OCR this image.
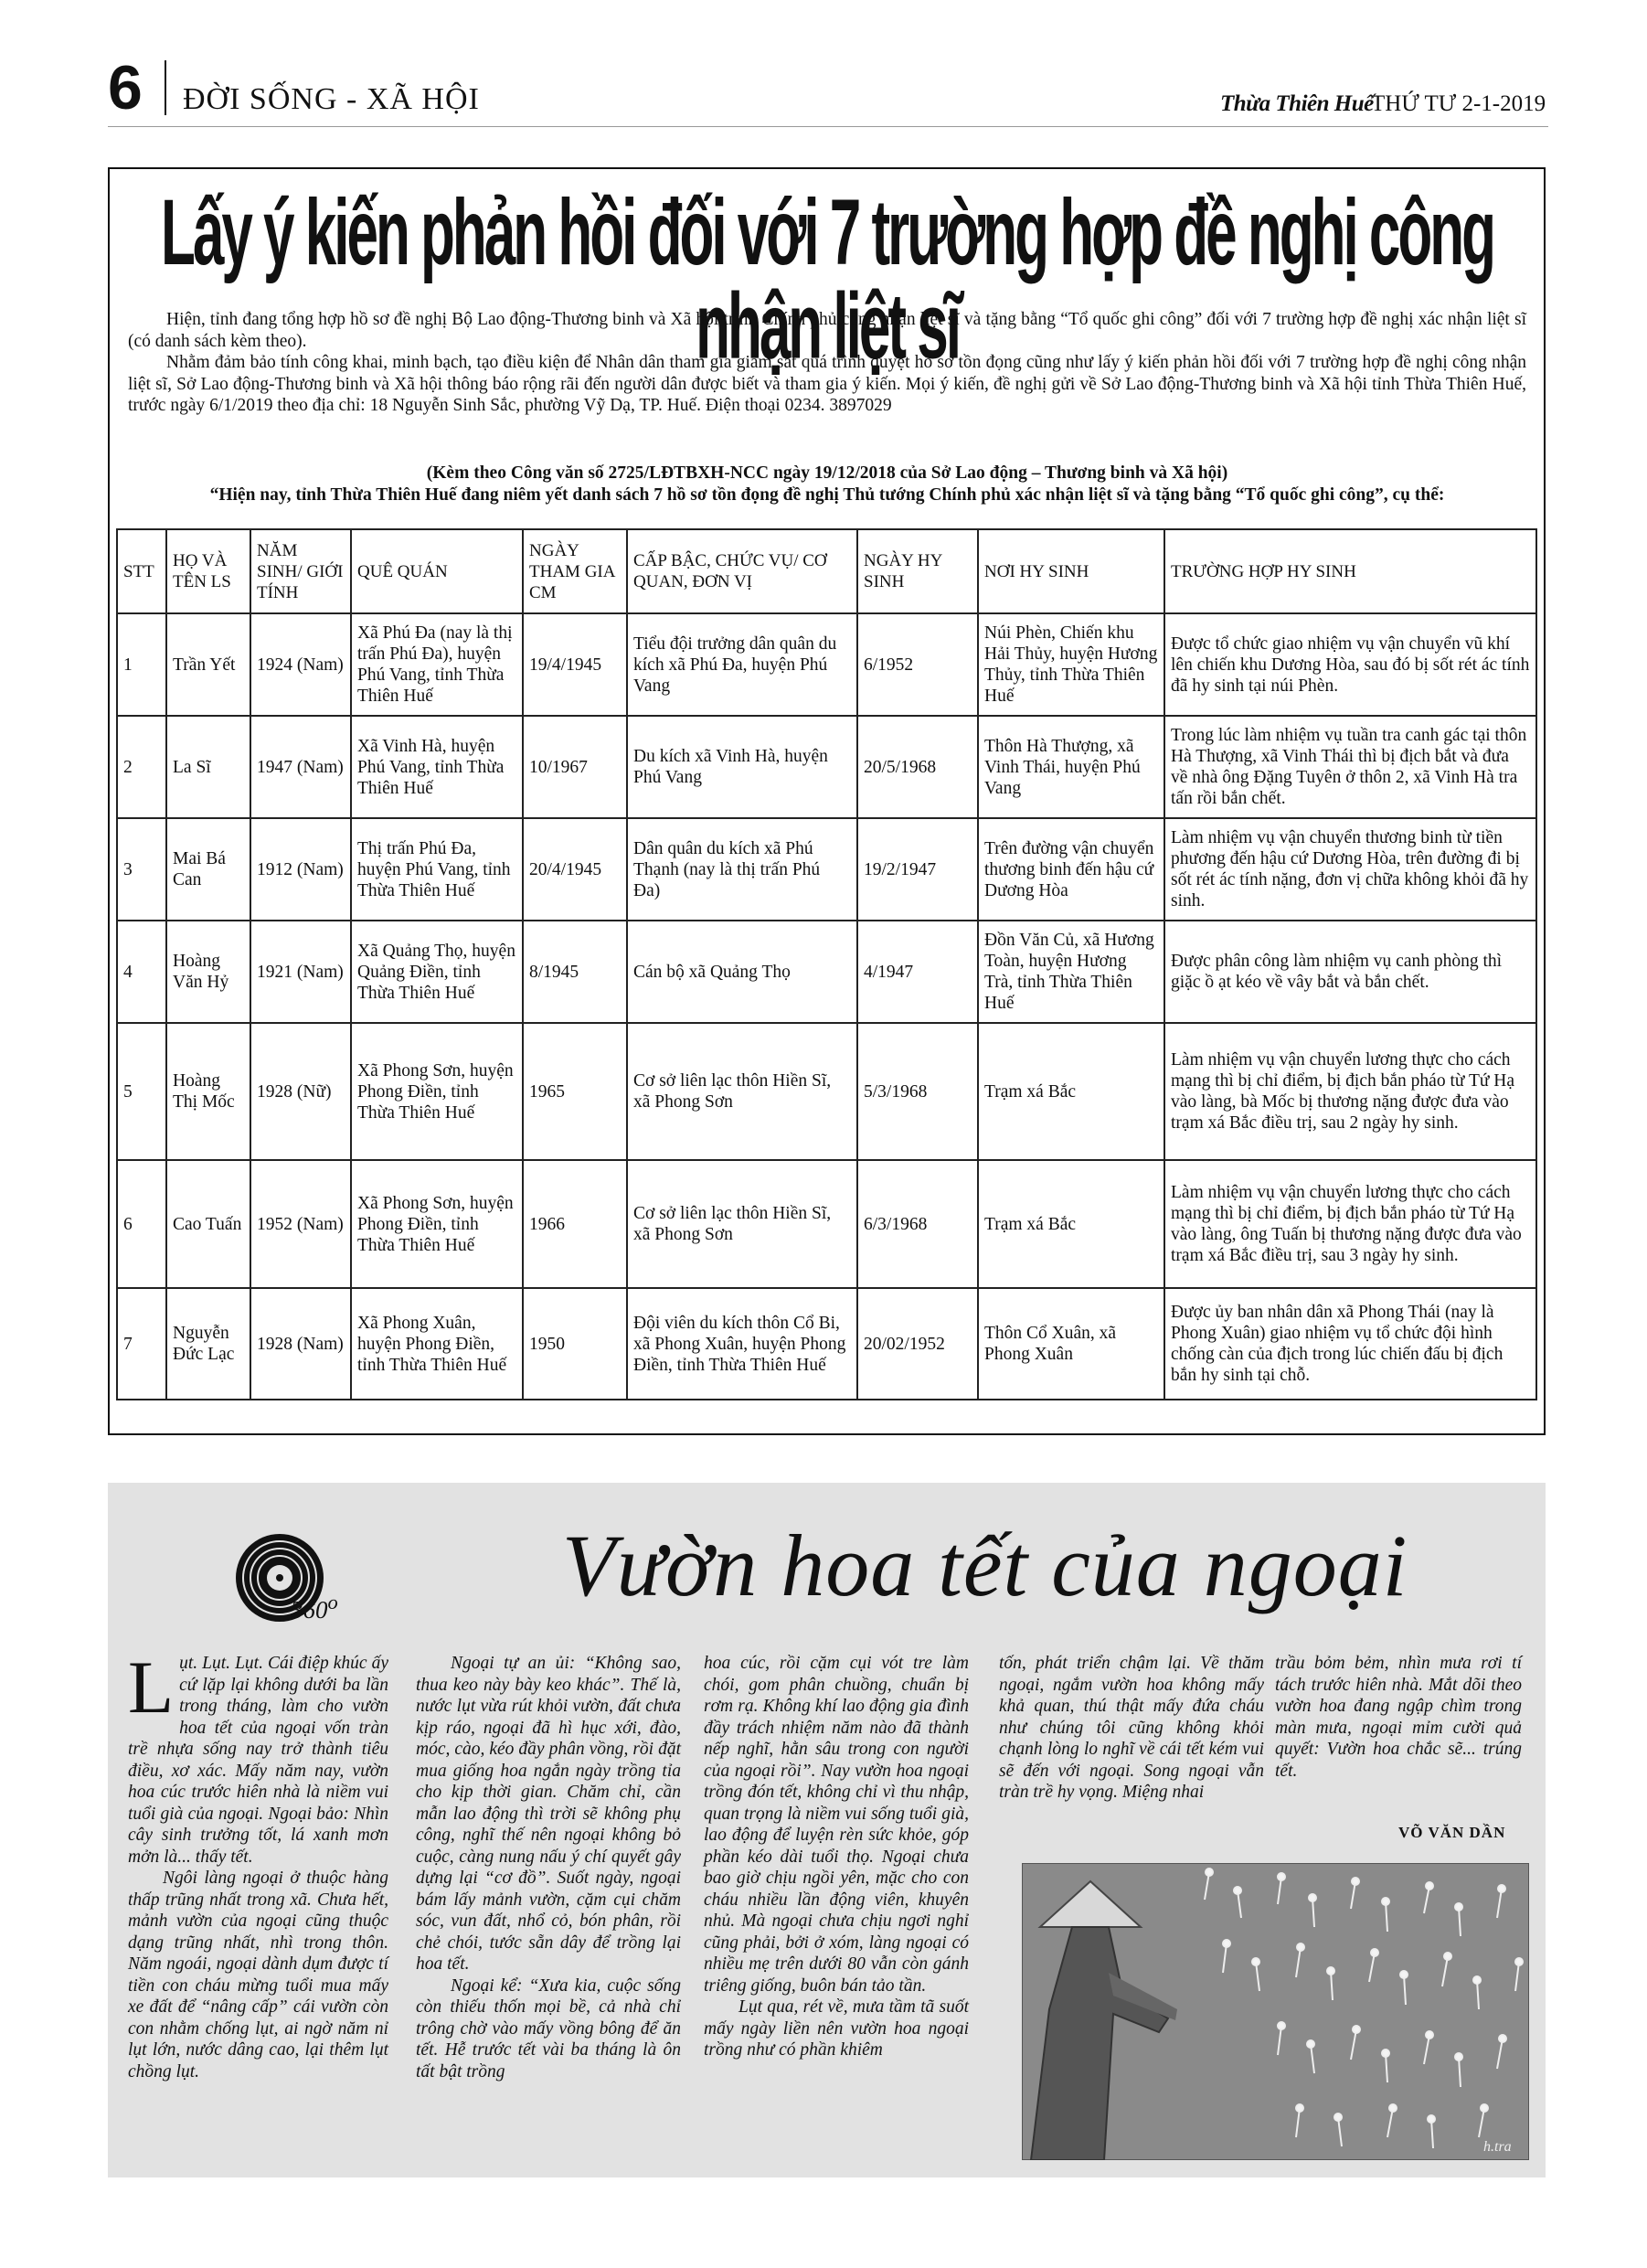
6 ĐỜI SỐNG - XÃ HỘI	Thừa Thiên Huế
THỨ TƯ 2-1-2019
Lấy ý kiến phản hồi đối với 7 trường hợp đề nghị công nhận liệt sĩ

Hiện, tỉnh đang tổng hợp hồ sơ đề nghị Bộ Lao động-Thương binh và Xã hội trình Chính phủ công nhận liệt sĩ và tặng bằng “Tổ quốc ghi công” đối với 7 trường hợp đề nghị xác nhận liệt sĩ (có danh sách kèm theo).

Nhằm đảm bảo tính công khai, minh bạch, tạo điều kiện để Nhân dân tham gia giám sát quá trình duyệt hồ sơ tồn đọng cũng như lấy ý kiến phản hồi đối với 7 trường hợp đề nghị công nhận liệt sĩ, Sở Lao động-Thương binh và Xã hội thông báo rộng rãi đến người dân được biết và tham gia ý kiến. Mọi ý kiến, đề nghị gửi về Sở Lao động-Thương binh và Xã hội tỉnh Thừa Thiên Huế, trước ngày 6/1/2019 theo địa chỉ: 18 Nguyễn Sinh Sắc, phường Vỹ Dạ, TP. Huế. Điện thoại 0234. 3897029

(Kèm theo Công văn số 2725/LĐTBXH-NCC ngày 19/12/2018 của Sở Lao động – Thương binh và Xã hội)
“Hiện nay, tỉnh Thừa Thiên Huế đang niêm yết danh sách 7 hồ sơ tồn đọng đề nghị Thủ tướng Chính phủ xác nhận liệt sĩ và tặng bằng “Tổ quốc ghi công”, cụ thể:
STT	HỌ VÀ TÊN LS	NĂM SINH/ GIỚI TÍNH	QUÊ QUÁN	NGÀY THAM GIA CM	CẤP BẬC, CHỨC VỤ/ CƠ QUAN, ĐƠN VỊ	NGÀY HY SINH	NƠI HY SINH	TRƯỜNG HỢP HY SINH
1	Trần Yết	1924 (Nam)	Xã Phú Đa (nay là thị trấn Phú Đa), huyện Phú Vang, tỉnh Thừa Thiên Huế	19/4/1945	Tiểu đội trưởng dân quân du kích xã Phú Đa, huyện Phú Vang	6/1952	Núi Phèn, Chiến khu Hải Thủy, huyện Hương Thủy, tỉnh Thừa Thiên Huế	Được tổ chức giao nhiệm vụ vận chuyển vũ khí lên chiến khu Dương Hòa, sau đó bị sốt rét ác tính đã hy sinh tại núi Phèn.
2	La Sĩ	1947 (Nam)	Xã Vinh Hà, huyện Phú Vang, tỉnh Thừa Thiên Huế	10/1967	Du kích xã Vinh Hà, huyện Phú Vang	20/5/1968	Thôn Hà Thượng, xã Vinh Thái, huyện Phú Vang	Trong lúc làm nhiệm vụ tuần tra canh gác tại thôn Hà Thượng, xã Vinh Thái thì bị địch bắt và đưa về nhà ông Đặng Tuyên ở thôn 2, xã Vinh Hà tra tấn rồi bắn chết.
3	Mai Bá Can	1912 (Nam)	Thị trấn Phú Đa, huyện Phú Vang, tỉnh Thừa Thiên Huế	20/4/1945	Dân quân du kích xã Phú Thạnh (nay là thị trấn Phú Đa)	19/2/1947	Trên đường vận chuyển thương binh đến hậu cứ Dương Hòa	Làm nhiệm vụ vận chuyển thương binh từ tiền phương đến hậu cứ Dương Hòa, trên đường đi bị sốt rét ác tính nặng, đơn vị chữa không khỏi đã hy sinh.
4	Hoàng Văn Hỷ	1921 (Nam)	Xã Quảng Thọ, huyện Quảng Điền, tỉnh Thừa Thiên Huế	8/1945	Cán bộ xã Quảng Thọ	4/1947	Đồn Văn Củ, xã Hương Toàn, huyện Hương Trà, tỉnh Thừa Thiên Huế	Được phân công làm nhiệm vụ canh phòng thì giặc ồ ạt kéo về vây bắt và bắn chết.
5	Hoàng Thị Mốc	1928 (Nữ)	Xã Phong Sơn, huyện Phong Điền, tỉnh Thừa Thiên Huế	1965	Cơ sở liên lạc thôn Hiền Sĩ, xã Phong Sơn	5/3/1968	Trạm xá Bắc	Làm nhiệm vụ vận chuyển lương thực cho cách mạng thì bị chỉ điểm, bị địch bắn pháo từ Tứ Hạ vào làng, bà Mốc bị thương nặng được đưa vào trạm xá Bắc điều trị, sau 2 ngày hy sinh.
6	Cao Tuấn	1952 (Nam)	Xã Phong Sơn, huyện Phong Điền, tỉnh Thừa Thiên Huế	1966	Cơ sở liên lạc thôn Hiền Sĩ, xã Phong Sơn	6/3/1968	Trạm xá Bắc	Làm nhiệm vụ vận chuyển lương thực cho cách mạng thì bị chỉ điểm, bị địch bắn pháo từ Tứ Hạ vào làng, ông Tuấn bị thương nặng được đưa vào trạm xá Bắc điều trị, sau 3 ngày hy sinh.
7	Nguyễn Đức Lạc	1928 (Nam)	Xã Phong Xuân, huyện Phong Điền, tỉnh Thừa Thiên Huế	1950	Đội viên du kích thôn Cổ Bi, xã Phong Xuân, huyện Phong Điền, tỉnh Thừa Thiên Huế	20/02/1952	Thôn Cổ Xuân, xã Phong Xuân	Được ủy ban nhân dân xã Phong Thái (nay là Phong Xuân) giao nhiệm vụ tổ chức đội hình chống càn của địch trong lúc chiến đấu bị địch bắn hy sinh tại chỗ.
360$^o$	Vườn hoa tết của ngoại

Lụt. Lụt. Lụt. Cái điệp khúc ấy cứ lặp lại không dưới ba lần trong tháng, làm cho vườn hoa tết của ngoại vốn tràn trề nhựa sống nay trở thành tiêu điều, xơ xác. Mấy năm nay, vườn hoa cúc trước hiên nhà là niềm vui tuổi già của ngoại. Ngoại bảo: Nhìn cây sinh trưởng tốt, lá xanh mơn mởn là... thấy tết.

Ngôi làng ngoại ở thuộc hàng thấp trũng nhất trong xã. Chưa hết, mảnh vườn của ngoại cũng thuộc dạng trũng nhất, nhì trong thôn. Năm ngoái, ngoại dành dụm được tí tiền con cháu mừng tuổi mua mấy xe đất để “nâng cấp” cái vườn còn con nhằm chống lụt, ai ngờ năm nỉ lụt lớn, nước dâng cao, lại thêm lụt chồng lụt.

Ngoại tự an ủi: “Không sao, thua keo này bày keo khác”. Thế là, nước lụt vừa rút khỏi vườn, đất chưa kịp ráo, ngoại đã hì hục xới, đào, móc, cào, kéo đầy phân vồng, rồi đặt mua giống hoa ngắn ngày trồng tỉa cho kịp thời gian. Chăm chỉ, cần mẫn lao động thì trời sẽ không phụ công, nghĩ thế nên ngoại không bỏ cuộc, càng nung nấu ý chí quyết gây dựng lại “cơ đồ”. Suốt ngày, ngoại bám lấy mảnh vườn, cặm cụi chăm sóc, vun đất, nhổ cỏ, bón phân, rồi chẻ chói, tước sẵn dây để trồng lại hoa tết.

Ngoại kể: “Xưa kia, cuộc sống còn thiếu thốn mọi bề, cả nhà chỉ trông chờ vào mấy vồng bông để ăn tết. Hễ trước tết vài ba tháng là ôn tất bật trồng

hoa cúc, rồi cặm cụi vót tre làm chói, gom phân chuồng, chuẩn bị rơm rạ. Không khí lao động gia đình đầy trách nhiệm năm nào đã thành nếp nghĩ, hằn sâu trong con người của ngoại rồi”. Nay vườn hoa ngoại trồng đón tết, không chỉ vì thu nhập, quan trọng là niềm vui sống tuổi già, lao động để luyện rèn sức khỏe, góp phần kéo dài tuổi thọ. Ngoại chưa bao giờ chịu ngồi yên, mặc cho con cháu nhiều lần động viên, khuyên nhủ. Mà ngoại chưa chịu ngơi nghỉ cũng phải, bởi ở xóm, làng ngoại có nhiều mẹ trên dưới 80 vẫn còn gánh triêng giống, buôn bán tảo tần.

Lụt qua, rét về, mưa tầm tã suốt mấy ngày liền nên vườn hoa ngoại trồng như có phần khiêm

tốn, phát triển chậm lại. Về thăm ngoại, ngắm vườn hoa không mấy khả quan, thú thật mấy đứa cháu như chúng tôi cũng không khỏi chạnh lòng lo nghĩ về cái tết kém vui sẽ đến với ngoại. Song ngoại vẫn tràn trề hy vọng. Miệng nhai

trầu bỏm bẻm, nhìn mưa rơi tí tách trước hiên nhà. Mắt dõi theo vườn hoa đang ngập chìm trong màn mưa, ngoại mỉm cười quả quyết: Vườn hoa chắc sẽ... trúng tết.

VÕ VĂN DẦN
h.tra
